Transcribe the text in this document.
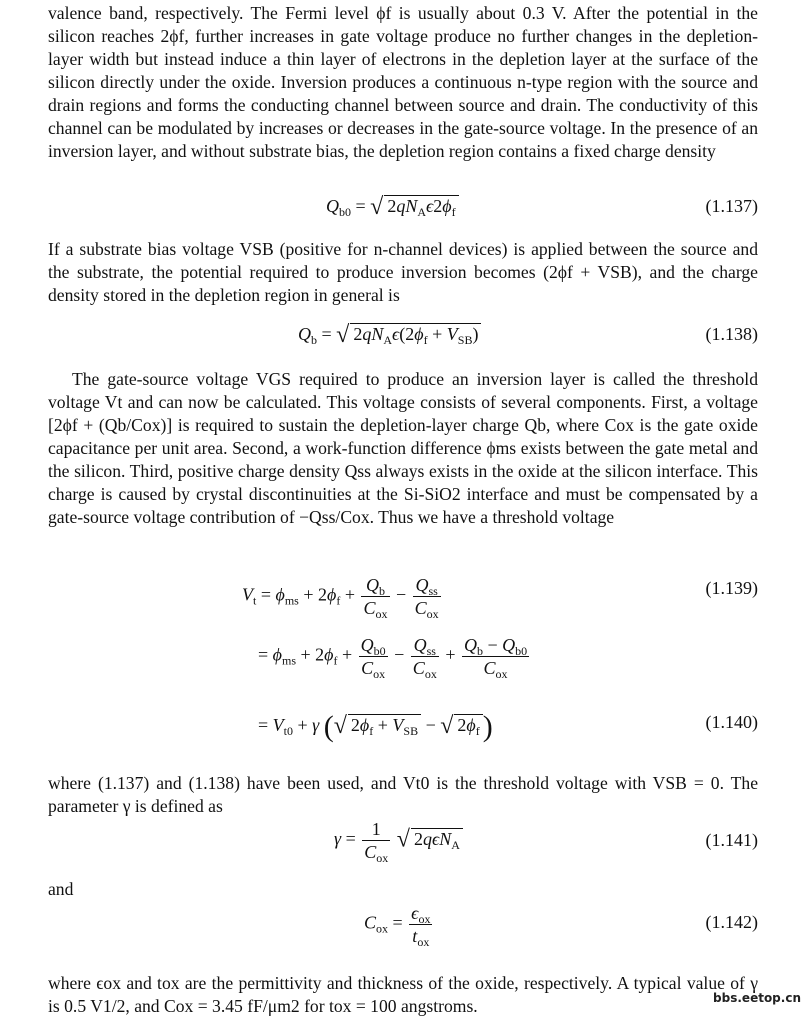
valence band, respectively. The Fermi level ϕf is usually about 0.3 V. After the potential in the silicon reaches 2ϕf, further increases in gate voltage produce no further changes in the depletion-layer width but instead induce a thin layer of electrons in the depletion layer at the surface of the silicon directly under the oxide. Inversion produces a continuous n-type region with the source and drain regions and forms the conducting channel between source and drain. The conductivity of this channel can be modulated by increases or decreases in the gate-source voltage. In the presence of an inversion layer, and without substrate bias, the depletion region contains a fixed charge density

$Q_{b0}$ = √ $2qN_A\epsilon 2\phi_f$	(1.137)

If a substrate bias voltage VSB (positive for n-channel devices) is applied between the source and the substrate, the potential required to produce inversion becomes (2ϕf + VSB), and the charge density stored in the depletion region in general is

$Q_b$ = √ $2qN_A\epsilon(2\phi_f + V_{SB})$	(1.138)

The gate-source voltage VGS required to produce an inversion layer is called the threshold voltage Vt and can now be calculated. This voltage consists of several components. First, a voltage [2ϕf + (Qb/Cox)] is required to sustain the depletion-layer charge Qb, where Cox is the gate oxide capacitance per unit area. Second, a work-function difference ϕms exists between the gate metal and the silicon. Third, positive charge density Qss always exists in the oxide at the silicon interface. This charge is caused by crystal discontinuities at the Si-SiO2 interface and must be compensated by a gate-source voltage contribution of −Qss/Cox. Thus we have a threshold voltage

$V_t = \phi_{ms} + 2\phi_f + \frac{Q_b}{C_{ox}} - \frac{Q_{ss}}{C_{ox}}$	(1.139)
= $\phi_{ms} + 2\phi_f + \frac{Q_{b0}}{C_{ox}} - \frac{Q_{ss}}{C_{ox}} + \frac{Q_b - Q_{b0}}{C_{ox}}$
= $V_{t0} + \gamma$ (√ $2\phi_f + V_{SB}$ − √ $2\phi_f$ )	(1.140)

where (1.137) and (1.138) have been used, and Vt0 is the threshold voltage with VSB = 0. The parameter γ is defined as

$\gamma = \frac{1}{C_{ox}}$ √ 2qϵN$_A$	(1.141)

and

$C_{ox} = \frac{\epsilon_{ox}}{t_{ox}}$	(1.142)

where ϵox and tox are the permittivity and thickness of the oxide, respectively. A typical value of γ is 0.5 V1/2, and Cox = 3.45 fF/μm2 for tox = 100 angstroms.	bbs.eetop.cn
